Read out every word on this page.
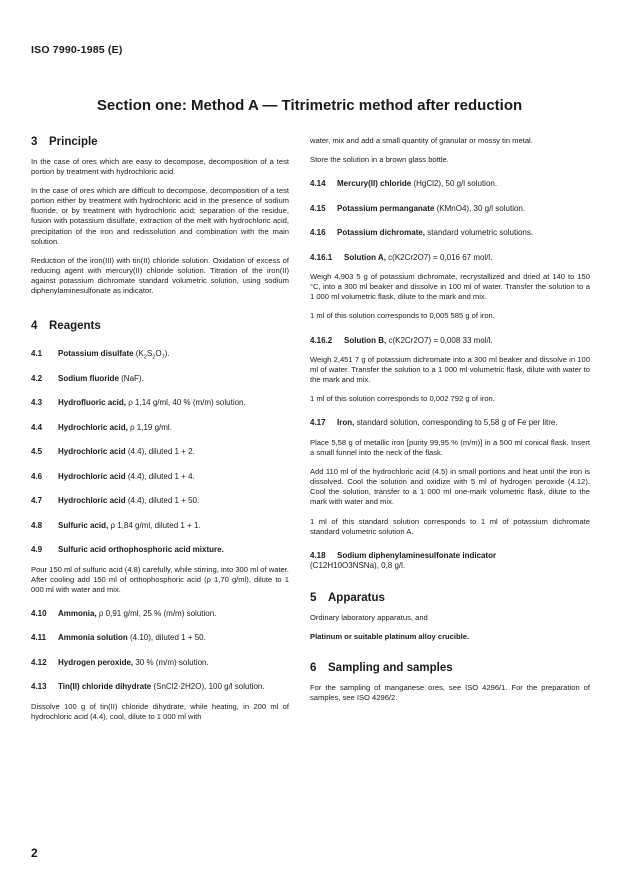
ISO 7990-1985 (E)
Section one: Method A — Titrimetric method after reduction
3 Principle

In the case of ores which are easy to decompose, decomposition of a test portion by treatment with hydrochloric acid.

In the case of ores which are difficult to decompose, decomposition of a test portion either by treatment with hydrochloric acid in the presence of sodium fluoride, or by treatment with hydrochloric acid; separation of the residue, fusion with potassium disulfate, extraction of the melt with hydrochloric acid, precipitation of the iron and redissolution and combination with the main solution.

Reduction of the iron(III) with tin(II) chloride solution. Oxidation of excess of reducing agent with mercury(II) chloride solution. Titration of the iron(II) against potassium dichromate standard volumetric solution, using sodium diphenylaminesulfonate as indicator.

4 Reagents

4.1 Potassium disulfate $(K_2S_2O_7)$.

4.2 Sodium fluoride (NaF).

4.3 Hydrofluoric acid, ρ 1,14 g/ml, 40 % (m/m) solution.

4.4 Hydrochloric acid, ρ 1,19 g/ml.

4.5 Hydrochloric acid (4.4), diluted 1 + 2.

4.6 Hydrochloric acid (4.4), diluted 1 + 4.

4.7 Hydrochloric acid (4.4), diluted 1 + 50.

4.8 Sulfuric acid, ρ 1,84 g/ml, diluted 1 + 1.

4.9 Sulfuric acid orthophosphoric acid mixture.

Pour 150 ml of sulfuric acid (4.8) carefully, while stirring, into 300 ml of water. After cooling add 150 ml of orthophosphoric acid (ρ 1,70 g/ml), dilute to 1 000 ml with water and mix.

4.10 Ammonia, ρ 0,91 g/ml, 25 % (m/m) solution.

4.11 Ammonia solution (4.10), diluted 1 + 50.

4.12 Hydrogen peroxide, 30 % (m/m) solution.

4.13 Tin(II) chloride dihydrate (SnCl2·2H2O), 100 g/l solution.

Dissolve 100 g of tin(II) chloride dihydrate, while heating, in 200 ml of hydrochloric acid (4.4), cool, dilute to 1 000 ml with

water, mix and add a small quantity of granular or mossy tin metal.

Store the solution in a brown glass bottle.

4.14 Mercury(II) chloride (HgCl2), 50 g/l solution.

4.15 Potassium permanganate (KMnO4), 30 g/l solution.

4.16 Potassium dichromate, standard volumetric solutions.

4.16.1 Solution A, c(K2Cr2O7) = 0,016 67 mol/l.

Weigh 4,903 5 g of potassium dichromate, recrystallized and dried at 140 to 150 °C, into a 300 ml beaker and dissolve in 100 ml of water. Transfer the solution to a 1 000 ml volumetric flask, dilute to the mark and mix.

1 ml of this solution corresponds to 0,005 585 g of iron.

4.16.2 Solution B, c(K2Cr2O7) = 0,008 33 mol/l.

Weigh 2,451 7 g of potassium dichromate into a 300 ml beaker and dissolve in 100 ml of water. Transfer the solution to a 1 000 ml volumetric flask, dilute with water to the mark and mix.

1 ml of this solution corresponds to 0,002 792 g of iron.

4.17 Iron, standard solution, corresponding to 5,58 g of Fe per litre.

Place 5,58 g of metallic iron [purity 99,95 % (m/m)] in a 500 ml conical flask. Insert a small funnel into the neck of the flask.

Add 110 ml of the hydrochloric acid (4.5) in small portions and heat until the iron is dissolved. Cool the solution and oxidize with 5 ml of hydrogen peroxide (4.12). Cool the solution, transfer to a 1 000 ml one-mark volumetric flask, dilute to the mark with water and mix.

1 ml of this standard solution corresponds to 1 ml of potassium dichromate standard volumetric solution A.

4.18 Sodium diphenylaminesulfonate indicator
(C12H10O3NSNa), 0,8 g/l.

5 Apparatus

Ordinary laboratory apparatus, and

Platinum or suitable platinum alloy crucible.

6 Sampling and samples

For the sampling of manganese ores, see ISO 4296/1. For the preparation of samples, see ISO 4296/2.

2
